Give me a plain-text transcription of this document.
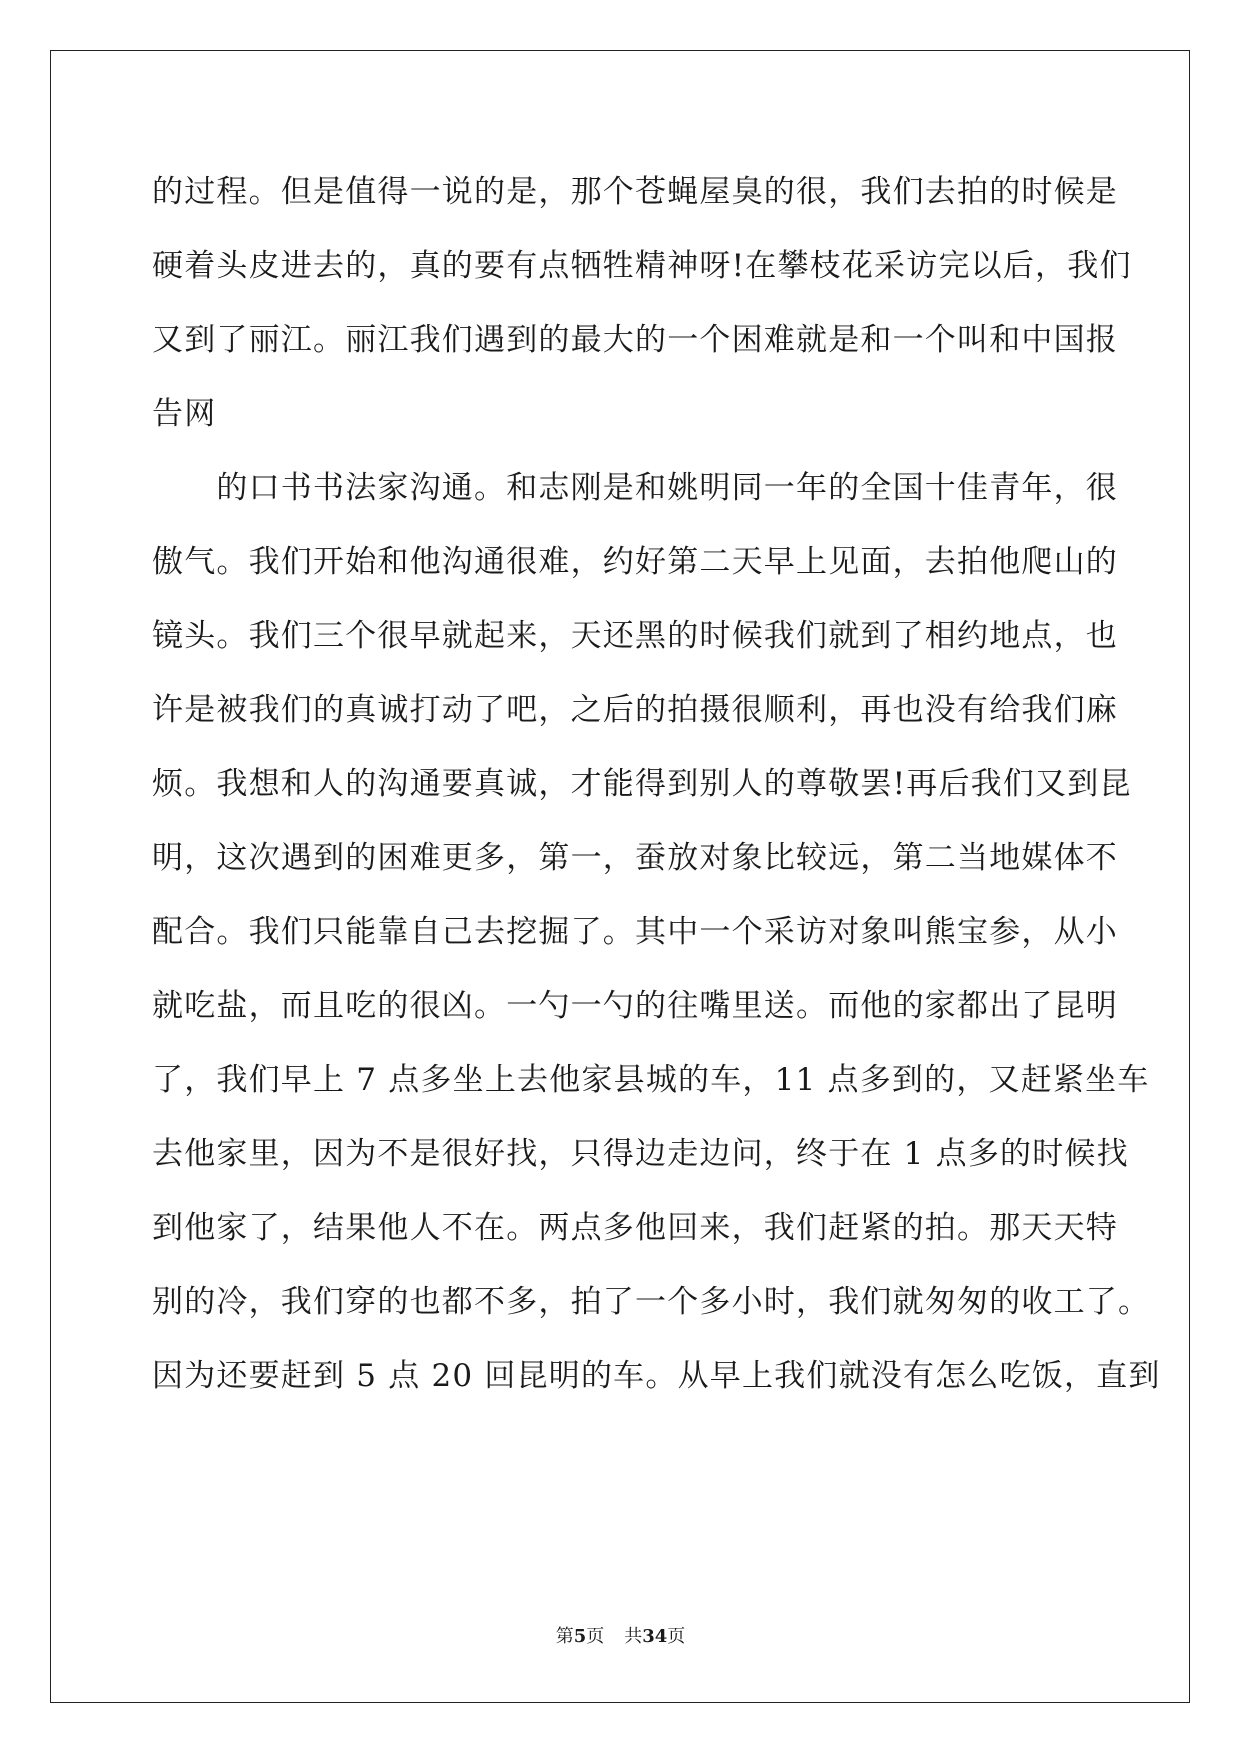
的过程。但是值得一说的是，那个苍蝇屋臭的很，我们去拍的时候是
硬着头皮进去的，真的要有点牺牲精神呀!在攀枝花采访完以后，我们
又到了丽江。丽江我们遇到的最大的一个困难就是和一个叫和中国报
告网
　　的口书书法家沟通。和志刚是和姚明同一年的全国十佳青年，很
傲气。我们开始和他沟通很难，约好第二天早上见面，去拍他爬山的
镜头。我们三个很早就起来，天还黑的时候我们就到了相约地点，也
许是被我们的真诚打动了吧，之后的拍摄很顺利，再也没有给我们麻
烦。我想和人的沟通要真诚，才能得到别人的尊敬罢!再后我们又到昆
明，这次遇到的困难更多，第一，蚕放对象比较远，第二当地媒体不
配合。我们只能靠自己去挖掘了。其中一个采访对象叫熊宝参，从小
就吃盐，而且吃的很凶。一勺一勺的往嘴里送。而他的家都出了昆明
了，我们早上 7 点多坐上去他家县城的车，11 点多到的，又赶紧坐车
去他家里，因为不是很好找，只得边走边问，终于在 1 点多的时候找
到他家了，结果他人不在。两点多他回来，我们赶紧的拍。那天天特
别的冷，我们穿的也都不多，拍了一个多小时，我们就匆匆的收工了。
因为还要赶到 5 点 20 回昆明的车。从早上我们就没有怎么吃饭，直到
第5页 共34页
